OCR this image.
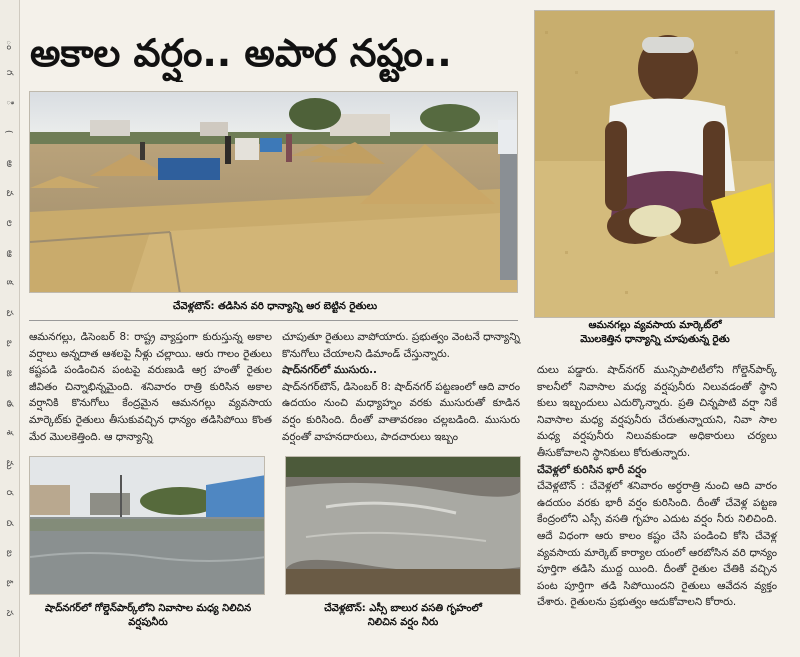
ం
గ
ి
(
అ
వ
ల
ఆ
క
ప
ఒ
జ
త
శ
మ
ర
ద
బ
ఓ
స
అకాల వర్షం.. అపార నష్టం..
చేవెళ్లటౌన్: తడిసిన వరి ధాన్యాన్ని ఆర బెట్టిన రైతులు
ఆమనగల్లు వ్యవసాయ మార్కెట్‌లో
మొలకెత్తిన ధాన్యాన్ని చూపుతున్న రైతు

ఆమనగల్లు, డిసెంబర్ 8: రాష్ట్ర వ్యాప్తంగా కురుస్తున్న అకాల వర్షాలు అన్నదాత ఆశలపై నీళ్లు చల్లాయి. ఆరు గాలం రైతులు కష్టపడి పండించిన పంటపై వరుణుడి ఆగ్ర హంతో రైతుల జీవితం చిన్నాభిన్నమైంది. శనివారం రాత్రి కురిసిన అకాల వర్షానికి కొనుగోలు కేంద్రమైన ఆమనగల్లు వ్యవసాయ మార్కెట్‌కు రైతులు తీసుకువచ్చిన ధాన్యం తడిసిపోయి కొంత మేర మొలకెత్తింది. ఆ ధాన్యాన్ని

చూపుతూ రైతులు వాపోయారు. ప్రభుత్వం వెంటనే ధాన్యాన్ని కొనుగోలు చేయాలని డిమాండ్ చేస్తున్నారు.

షాద్‌నగర్‌లో ముసురు..

షాద్‌నగర్‌టౌన్, డిసెంబర్ 8: షాద్‌నగర్ పట్టణంలో ఆది వారం ఉదయం నుంచి మధ్యాహ్నం వరకు ముసురుతో కూడిన వర్షం కురిసింది. దీంతో వాతావరణం చల్లబడింది. ముసురు వర్షంతో వాహనదారులు, పాదచారులు ఇబ్బం

దులు పడ్డారు. షాద్‌నగర్ మున్సిపాలిటీలోని గోల్డెన్‌పార్క్ కాలనీలో నివాసాల మధ్య వర్షపునీరు నిలువడంతో స్థాని కులు ఇబ్బందులు ఎదుర్కొన్నారు. ప్రతి చిన్నపాటి వర్షా నికే నివాసాల మధ్య వర్షపునీరు చేరుతున్నాయని, నివా సాల మధ్య వర్షపునీరు నిలువకుండా అధికారులు చర్యలు తీసుకోవాలని స్థానికులు కోరుతున్నారు.

చేవెళ్లలో కురిసిన భారీ వర్షం

చేవెళ్లటౌన్ : చేవెళ్లలో శనివారం అర్ధరాత్రి నుంచి ఆది వారం ఉదయం వరకు భారీ వర్షం కురిసింది. దీంతో చేవెళ్ల పట్టణ కేంద్రంలోని ఎస్సీ వసతి గృహం ఎదుట వర్షం నీరు నిలిచింది. ఆదే విధంగా ఆరు కాలం కష్టం చేసి పండించి కోసి చేవెళ్ల వ్యవసాయ మార్కెట్ కార్యాల యంలో ఆరబోసిన వరి ధాన్యం పూర్తిగా తడిసి ముద్ద యింది. దీంతో రైతుల చేతికి వచ్చిన పంట పూర్తిగా తడి సిపోయిందని రైతులు ఆవేదన వ్యక్తం చేశారు. రైతులను ప్రభుత్వం ఆదుకోవాలని కోరారు.

షాద్‌నగర్‌లో గోల్డెన్‌పార్క్‌లోని నివాసాల మధ్య నిలిచిన
వర్షపునీరు
చేవెళ్లటౌన్: ఎస్సీ బాలుర వసతి గృహంలో
నిలిచిన వర్షం నీరు
